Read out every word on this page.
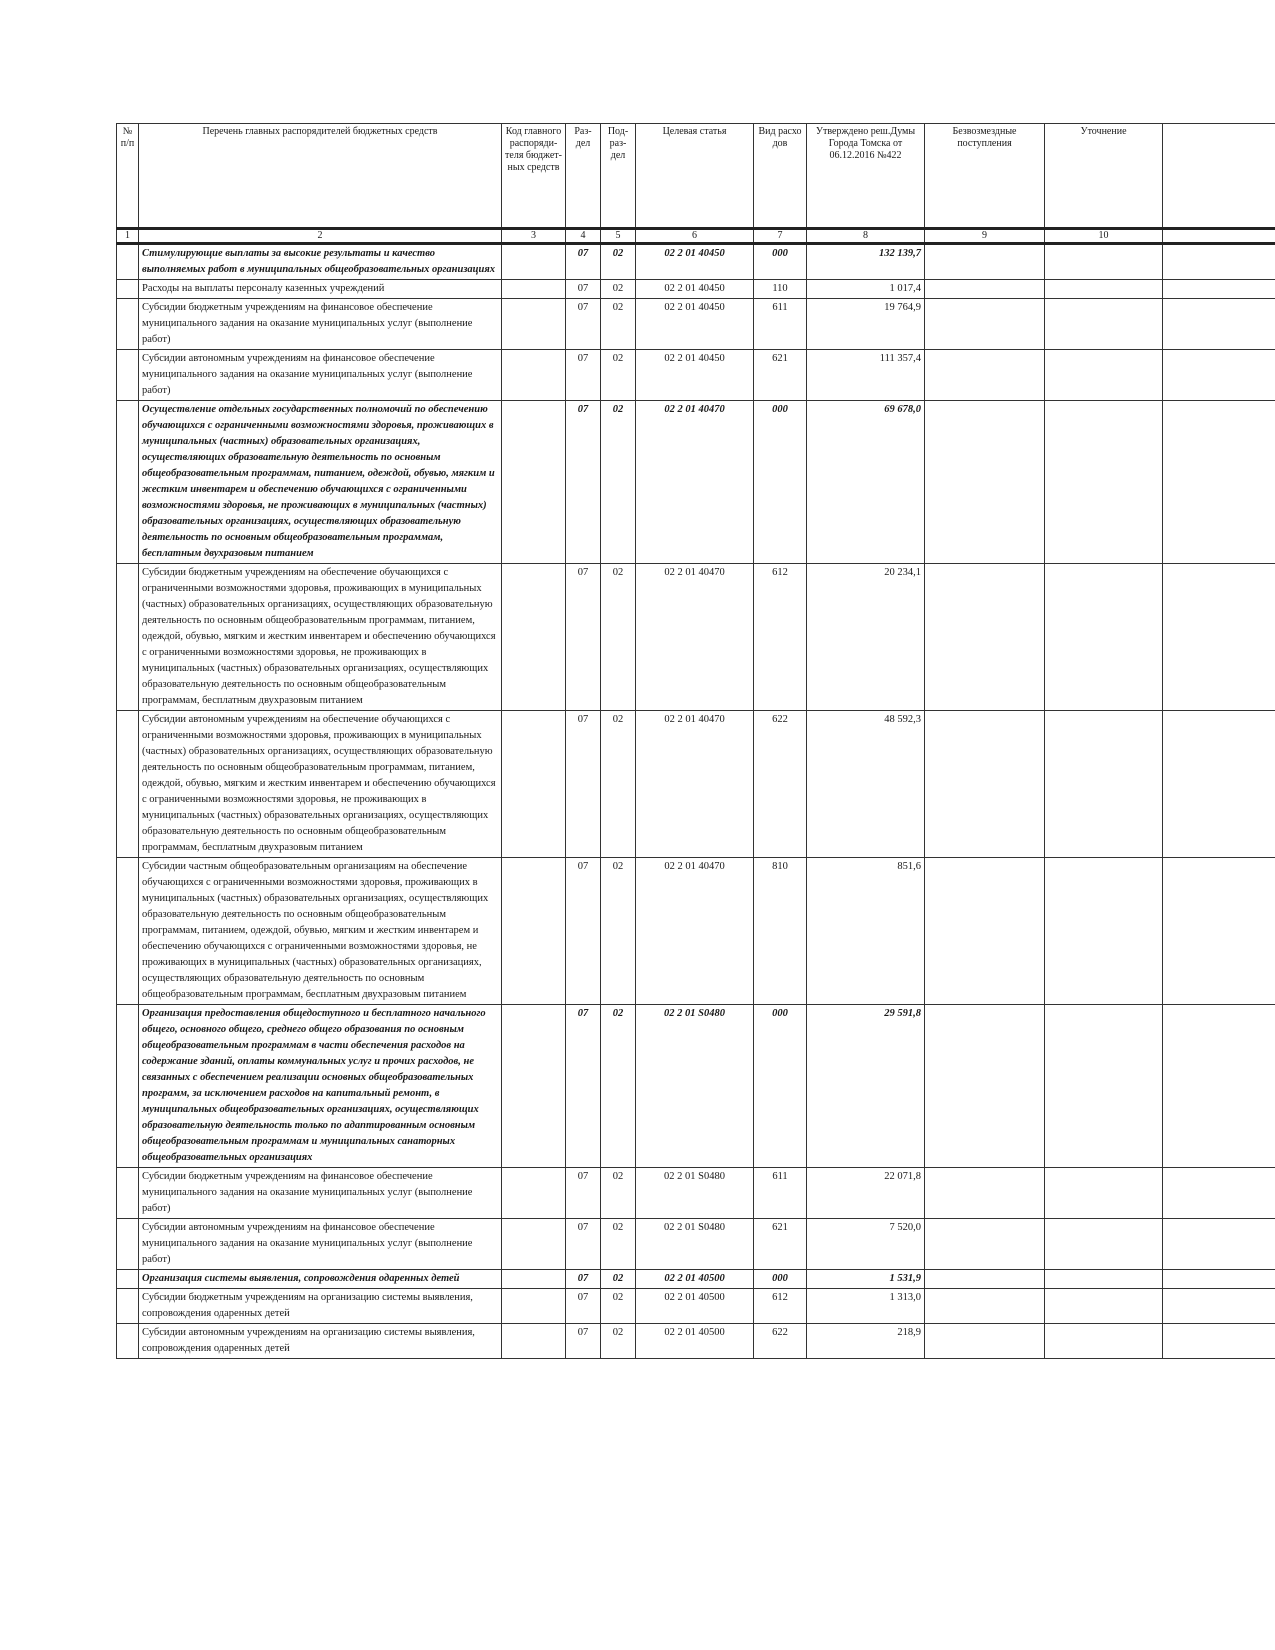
№ п/п	Перечень главных распорядителей бюджетных средств	Код главного распоряди- теля бюджет- ных средств	Раз- дел	Под- раз- дел	Целевая статья	Вид расхо дов	Утверждено реш.Думы Города Томска от 06.12.2016 №422	Безвозмездные поступления	Уточнение	
1	2	3	4	5	6	7	8	9	10	
	Стимулирующие выплаты за высокие результаты и качество выполняемых работ в муниципальных общеобразовательных организациях		07	02	02 2 01 40450	000	132 139,7			
	Расходы на выплаты персоналу казенных учреждений		07	02	02 2 01 40450	110	1 017,4			
	Субсидии бюджетным учреждениям на финансовое обеспечение муниципального задания на оказание муниципальных услуг (выполнение работ)		07	02	02 2 01 40450	611	19 764,9			
	Субсидии автономным учреждениям на финансовое обеспечение муниципального задания на оказание муниципальных услуг (выполнение работ)		07	02	02 2 01 40450	621	111 357,4			
	Осуществление отдельных государственных полномочий по обеспечению обучающихся с ограниченными возможностями здоровья, проживающих в муниципальных (частных) образовательных организациях, осуществляющих образовательную деятельность по основным общеобразовательным программам, питанием, одеждой, обувью, мягким и жестким инвентарем и обеспечению обучающихся с ограниченными возможностями здоровья, не проживающих в муниципальных (частных) образовательных организациях, осуществляющих образовательную деятельность по основным общеобразовательным программам, бесплатным двухразовым питанием		07	02	02 2 01 40470	000	69 678,0			
	Субсидии бюджетным учреждениям на обеспечение обучающихся с ограниченными возможностями здоровья, проживающих в муниципальных (частных) образовательных организациях, осуществляющих образовательную деятельность по основным общеобразовательным программам, питанием, одеждой, обувью, мягким и жестким инвентарем и обеспечению обучающихся с ограниченными возможностями здоровья, не проживающих в муниципальных (частных) образовательных организациях, осуществляющих образовательную деятельность по основным общеобразовательным программам, бесплатным двухразовым питанием		07	02	02 2 01 40470	612	20 234,1			
	Субсидии автономным учреждениям на обеспечение обучающихся с ограниченными возможностями здоровья, проживающих в муниципальных (частных) образовательных организациях, осуществляющих образовательную деятельность по основным общеобразовательным программам, питанием, одеждой, обувью, мягким и жестким инвентарем и обеспечению обучающихся с ограниченными возможностями здоровья, не проживающих в муниципальных (частных) образовательных организациях, осуществляющих образовательную деятельность по основным общеобразовательным программам, бесплатным двухразовым питанием		07	02	02 2 01 40470	622	48 592,3			
	Субсидии частным общеобразовательным организациям на обеспечение обучающихся с ограниченными возможностями здоровья, проживающих в муниципальных (частных) образовательных организациях, осуществляющих образовательную деятельность по основным общеобразовательным программам, питанием, одеждой, обувью, мягким и жестким инвентарем и обеспечению обучающихся с ограниченными возможностями здоровья, не проживающих в муниципальных (частных) образовательных организациях, осуществляющих образовательную деятельность по основным общеобразовательным программам, бесплатным двухразовым питанием		07	02	02 2 01 40470	810	851,6			
	Организация предоставления общедоступного и бесплатного начального общего, основного общего, среднего общего образования по основным общеобразовательным программам в части обеспечения расходов на содержание зданий, оплаты коммунальных услуг и прочих расходов, не связанных с обеспечением реализации основных общеобразовательных программ, за исключением расходов на капитальный ремонт, в муниципальных общеобразовательных организациях, осуществляющих образовательную деятельность только по адаптированным основным общеобразовательным программам и муниципальных санаторных общеобразовательных организациях		07	02	02 2 01 S0480	000	29 591,8			
	Субсидии бюджетным учреждениям на финансовое обеспечение муниципального задания на оказание муниципальных услуг (выполнение работ)		07	02	02 2 01 S0480	611	22 071,8			
	Субсидии автономным учреждениям на финансовое обеспечение муниципального задания на оказание муниципальных услуг (выполнение работ)		07	02	02 2 01 S0480	621	7 520,0			
	Организация системы выявления, сопровождения одаренных детей		07	02	02 2 01 40500	000	1 531,9			
	Субсидии бюджетным учреждениям на организацию системы выявления, сопровождения одаренных детей		07	02	02 2 01 40500	612	1 313,0			
	Субсидии автономным учреждениям на организацию системы выявления, сопровождения одаренных детей		07	02	02 2 01 40500	622	218,9			
